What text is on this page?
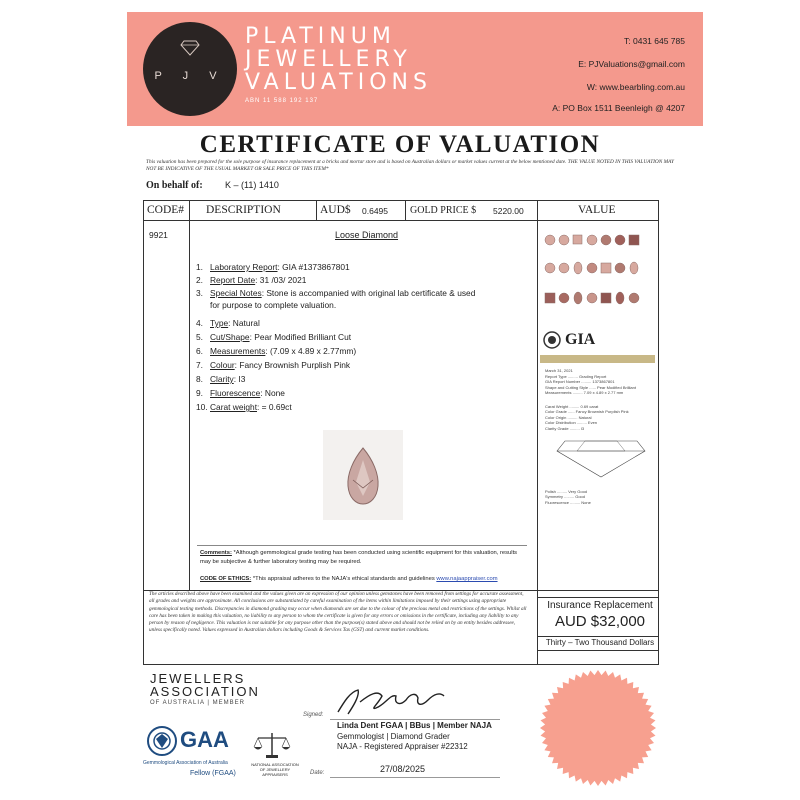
P J V
PLATINUM
JEWELLERY
VALUATIONS
ABN 11 588 192 137
T: 0431 645 785
E: PJValuations@gmail.com
W: www.bearbling.com.au
A: PO Box 1511 Beenleigh @ 4207
CERTIFICATE OF VALUATION
This valuation has been prepared for the sole purpose of insurance replacement at a bricks and mortar store and is based on Australian dollars or market values current at the below mentioned date. THE VALUE NOTED IN THIS VALUATION MAY NOT BE INDICATIVE OF THE USUAL MARKET OR SALE PRICE OF THIS ITEM*
On behalf of: K – (11) 1410
CODE# DESCRIPTION	AUD$ 0.6495 GOLD PRICE $ 5220.00	VALUE
9921	Loose Diamond
1. Laboratory Report: GIA #1373867801
2. Report Date: 31 /03/ 2021
3. Special Notes: Stone is accompanied with original lab certificate & used
for purpose to complete valuation.
4. Type: Natural
5. Cut/Shape: Pear Modified Brilliant Cut
6. Measurements: (7.09 x 4.89 x 2.77mm)
7. Colour: Fancy Brownish Purplish Pink
8. Clarity: I3
9. Fluorescence: None
10. Carat weight: = 0.69ct
Comments: *Although gemmological grade testing has been conducted using scientific equipment for this valuation, results may be subjective & further laboratory testing may be required.
CODE OF ETHICS: *This appraisal adheres to the NAJA's ethical standards and guidelines www.najaappraiser.com
The articles described above have been examined and the values given are an expression of our opinion unless gemstones have been removed from settings for accurate assessment, all grades and weights are approximate. All conclusions are substantiated by careful examination of the items within limitations imposed by their settings using appropriate gemmological testing methods. Discrepancies in diamond grading may occur when diamonds are set due to the colour of the precious metal and restrictions of the settings. Whilst all care has been taken in making this valuation, no liability to any person to whom the certificate is given for any errors or omissions in the certificate, including any liability to any person by reason of negligence. This valuation is not suitable for any purpose other than the purpose(s) stated above and should not be relied on by an entity besides addressee, unless specifically noted. Values expressed in Australian dollars including Goods & Services Tax (GST) and current market conditions.
Insurance Replacement
AUD $32,000
Thirty – Two Thousand Dollars
GIA
March 31, 2021
Report Type ......... Grading Report
GIA Report Number ......... 1373867801
Shape and Cutting Style ...... Pear Modified Brilliant
Measurements ......... 7.09 x 4.89 x 2.77 mm
Carat Weight ......... 0.69 carat
Color Grade ...... Fancy Brownish Purplish Pink
Color Origin ......... Natural
Color Distribution ......... Even
Clarity Grade ......... I3
Polish ......... Very Good
Symmetry ......... Good
Fluorescence ......... None
JEWELLERS
ASSOCIATION
OF AUSTRALIA | MEMBER
GAA
Gemmological Association of Australia
Fellow (FGAA)
NATIONAL ASSOCIATION OF JEWELLERY APPRAISERS
Signed:
Linda Dent FGAA | BBus | Member NAJA
Gemmologist | Diamond Grader
NAJA - Registered Appraiser #22312
Date:	27/08/2025
